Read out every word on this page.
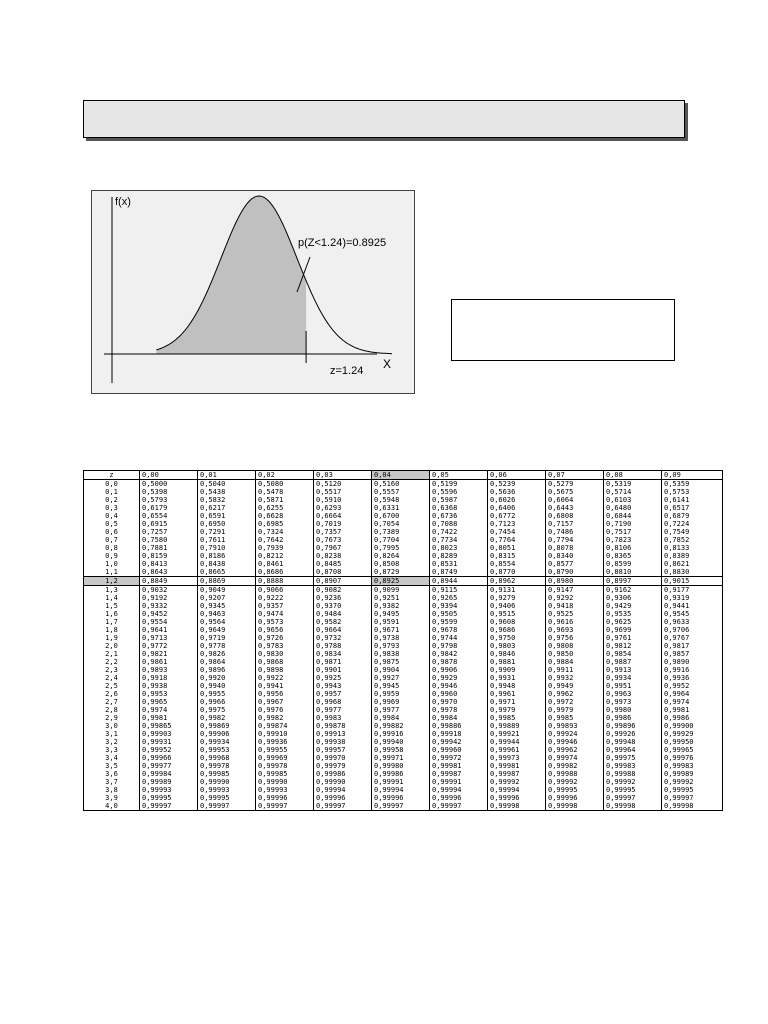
f(x)
p(Z<1.24)=0.8925
X
z=1.24
z	0,00	0,01	0,02	0,03	0,04	0,05	0,06	0,07	0,08	0,09
0,0	0,5000	0,5040	0,5080	0,5120	0,5160	0,5199	0,5239	0,5279	0,5319	0,5359
0,1	0,5398	0,5438	0,5478	0,5517	0,5557	0,5596	0,5636	0,5675	0,5714	0,5753
0,2	0,5793	0,5832	0,5871	0,5910	0,5948	0,5987	0,6026	0,6064	0,6103	0,6141
0,3	0,6179	0,6217	0,6255	0,6293	0,6331	0,6368	0,6406	0,6443	0,6480	0,6517
0,4	0,6554	0,6591	0,6628	0,6664	0,6700	0,6736	0,6772	0,6808	0,6844	0,6879
0,5	0,6915	0,6950	0,6985	0,7019	0,7054	0,7088	0,7123	0,7157	0,7190	0,7224
0,6	0,7257	0,7291	0,7324	0,7357	0,7389	0,7422	0,7454	0,7486	0,7517	0,7549
0,7	0,7580	0,7611	0,7642	0,7673	0,7704	0,7734	0,7764	0,7794	0,7823	0,7852
0,8	0,7881	0,7910	0,7939	0,7967	0,7995	0,8023	0,8051	0,8078	0,8106	0,8133
0,9	0,8159	0,8186	0,8212	0,8238	0,8264	0,8289	0,8315	0,8340	0,8365	0,8389
1,0	0,8413	0,8438	0,8461	0,8485	0,8508	0,8531	0,8554	0,8577	0,8599	0,8621
1,1	0,8643	0,8665	0,8686	0,8708	0,8729	0,8749	0,8770	0,8790	0,8810	0,8830
1,2	0,8849	0,8869	0,8888	0,8907	0,8925	0,8944	0,8962	0,8980	0,8997	0,9015
1,3	0,9032	0,9049	0,9066	0,9082	0,9099	0,9115	0,9131	0,9147	0,9162	0,9177
1,4	0,9192	0,9207	0,9222	0,9236	0,9251	0,9265	0,9279	0,9292	0,9306	0,9319
1,5	0,9332	0,9345	0,9357	0,9370	0,9382	0,9394	0,9406	0,9418	0,9429	0,9441
1,6	0,9452	0,9463	0,9474	0,9484	0,9495	0,9505	0,9515	0,9525	0,9535	0,9545
1,7	0,9554	0,9564	0,9573	0,9582	0,9591	0,9599	0,9608	0,9616	0,9625	0,9633
1,8	0,9641	0,9649	0,9656	0,9664	0,9671	0,9678	0,9686	0,9693	0,9699	0,9706
1,9	0,9713	0,9719	0,9726	0,9732	0,9738	0,9744	0,9750	0,9756	0,9761	0,9767
2,0	0,9772	0,9778	0,9783	0,9788	0,9793	0,9798	0,9803	0,9808	0,9812	0,9817
2,1	0,9821	0,9826	0,9830	0,9834	0,9838	0,9842	0,9846	0,9850	0,9854	0,9857
2,2	0,9861	0,9864	0,9868	0,9871	0,9875	0,9878	0,9881	0,9884	0,9887	0,9890
2,3	0,9893	0,9896	0,9898	0,9901	0,9904	0,9906	0,9909	0,9911	0,9913	0,9916
2,4	0,9918	0,9920	0,9922	0,9925	0,9927	0,9929	0,9931	0,9932	0,9934	0,9936
2,5	0,9938	0,9940	0,9941	0,9943	0,9945	0,9946	0,9948	0,9949	0,9951	0,9952
2,6	0,9953	0,9955	0,9956	0,9957	0,9959	0,9960	0,9961	0,9962	0,9963	0,9964
2,7	0,9965	0,9966	0,9967	0,9968	0,9969	0,9970	0,9971	0,9972	0,9973	0,9974
2,8	0,9974	0,9975	0,9976	0,9977	0,9977	0,9978	0,9979	0,9979	0,9980	0,9981
2,9	0,9981	0,9982	0,9982	0,9983	0,9984	0,9984	0,9985	0,9985	0,9986	0,9986
3,0	0,99865	0,99869	0,99874	0,99878	0,99882	0,99886	0,99889	0,99893	0,99896	0,99900
3,1	0,99903	0,99906	0,99910	0,99913	0,99916	0,99918	0,99921	0,99924	0,99926	0,99929
3,2	0,99931	0,99934	0,99936	0,99938	0,99940	0,99942	0,99944	0,99946	0,99948	0,99950
3,3	0,99952	0,99953	0,99955	0,99957	0,99958	0,99960	0,99961	0,99962	0,99964	0,99965
3,4	0,99966	0,99968	0,99969	0,99970	0,99971	0,99972	0,99973	0,99974	0,99975	0,99976
3,5	0,99977	0,99978	0,99978	0,99979	0,99980	0,99981	0,99981	0,99982	0,99983	0,99983
3,6	0,99984	0,99985	0,99985	0,99986	0,99986	0,99987	0,99987	0,99988	0,99988	0,99989
3,7	0,99989	0,99990	0,99990	0,99990	0,99991	0,99991	0,99992	0,99992	0,99992	0,99992
3,8	0,99993	0,99993	0,99993	0,99994	0,99994	0,99994	0,99994	0,99995	0,99995	0,99995
3,9	0,99995	0,99995	0,99996	0,99996	0,99996	0,99996	0,99996	0,99996	0,99997	0,99997
4,0	0,99997	0,99997	0,99997	0,99997	0,99997	0,99997	0,99998	0,99998	0,99998	0,99998
